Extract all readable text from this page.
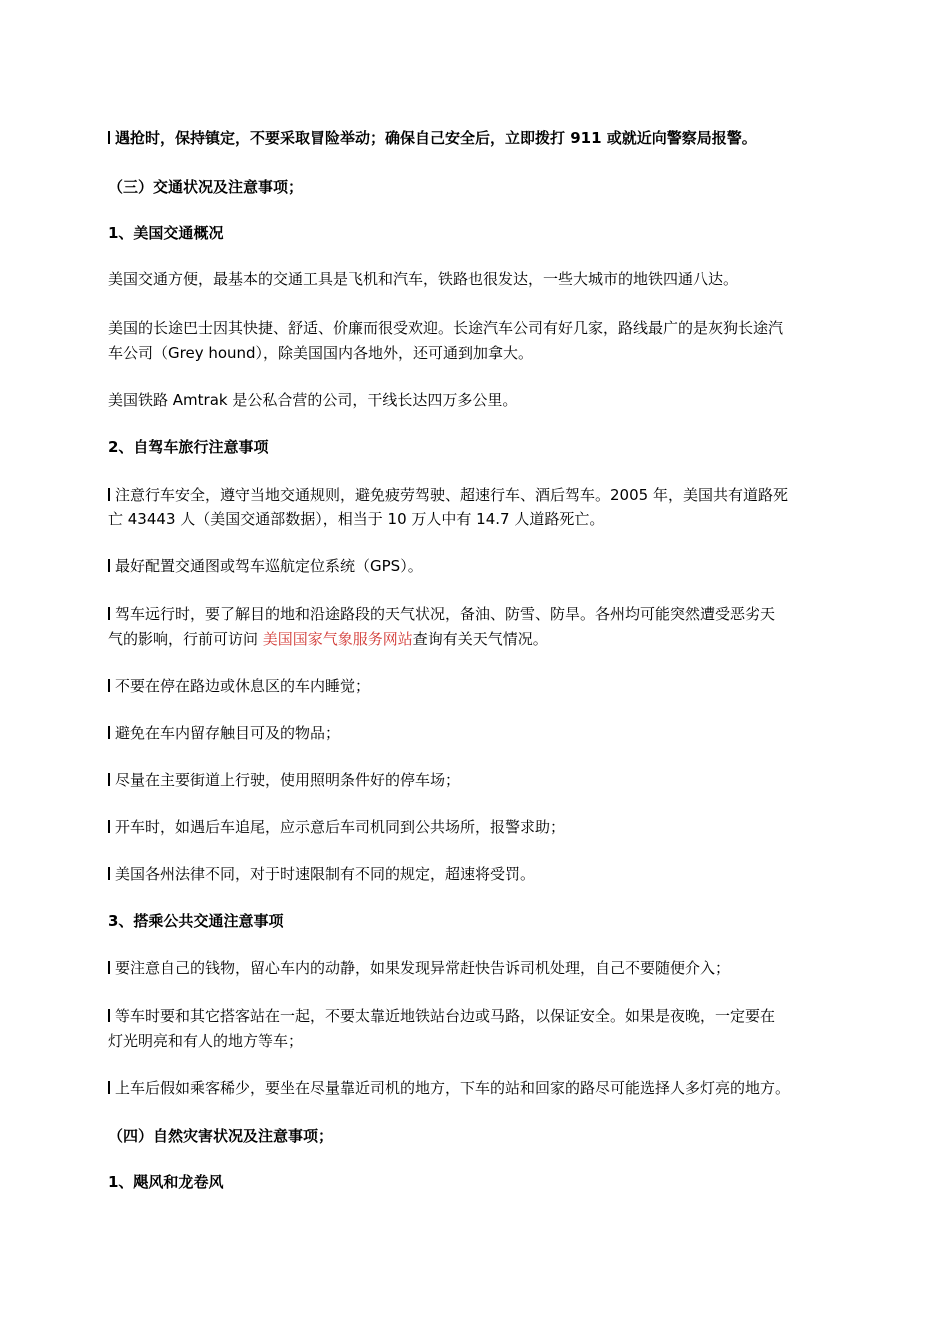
遇抢时，保持镇定，不要采取冒险举动；确保自己安全后，立即拨打 911 或就近向警察局报警。
（三）交通状况及注意事项；
1、美国交通概况
美国交通方便，最基本的交通工具是飞机和汽车，铁路也很发达，一些大城市的地铁四通八达。
美国的长途巴士因其快捷、舒适、价廉而很受欢迎。长途汽车公司有好几家，路线最广的是灰狗长途汽
车公司（Grey hound），除美国国内各地外，还可通到加拿大。
美国铁路 Amtrak 是公私合营的公司，干线长达四万多公里。
2、自驾车旅行注意事项
注意行车安全，遵守当地交通规则，避免疲劳驾驶、超速行车、酒后驾车。2005 年，美国共有道路死
亡 43443 人（美国交通部数据），相当于 10 万人中有 14.7 人道路死亡。
最好配置交通图或驾车巡航定位系统（GPS）。
驾车远行时，要了解目的地和沿途路段的天气状况，备油、防雪、防旱。各州均可能突然遭受恶劣天
气的影响，行前可访问 美国国家气象服务网站查询有关天气情况。
不要在停在路边或休息区的车内睡觉；
避免在车内留存触目可及的物品；
尽量在主要街道上行驶，使用照明条件好的停车场；
开车时，如遇后车追尾，应示意后车司机同到公共场所，报警求助；
美国各州法律不同，对于时速限制有不同的规定，超速将受罚。
3、搭乘公共交通注意事项
要注意自己的钱物，留心车内的动静，如果发现异常赶快告诉司机处理，自己不要随便介入；
等车时要和其它搭客站在一起，不要太靠近地铁站台边或马路，以保证安全。如果是夜晚，一定要在
灯光明亮和有人的地方等车；
上车后假如乘客稀少，要坐在尽量靠近司机的地方，下车的站和回家的路尽可能选择人多灯亮的地方。
（四）自然灾害状况及注意事项；
1、飓风和龙卷风
